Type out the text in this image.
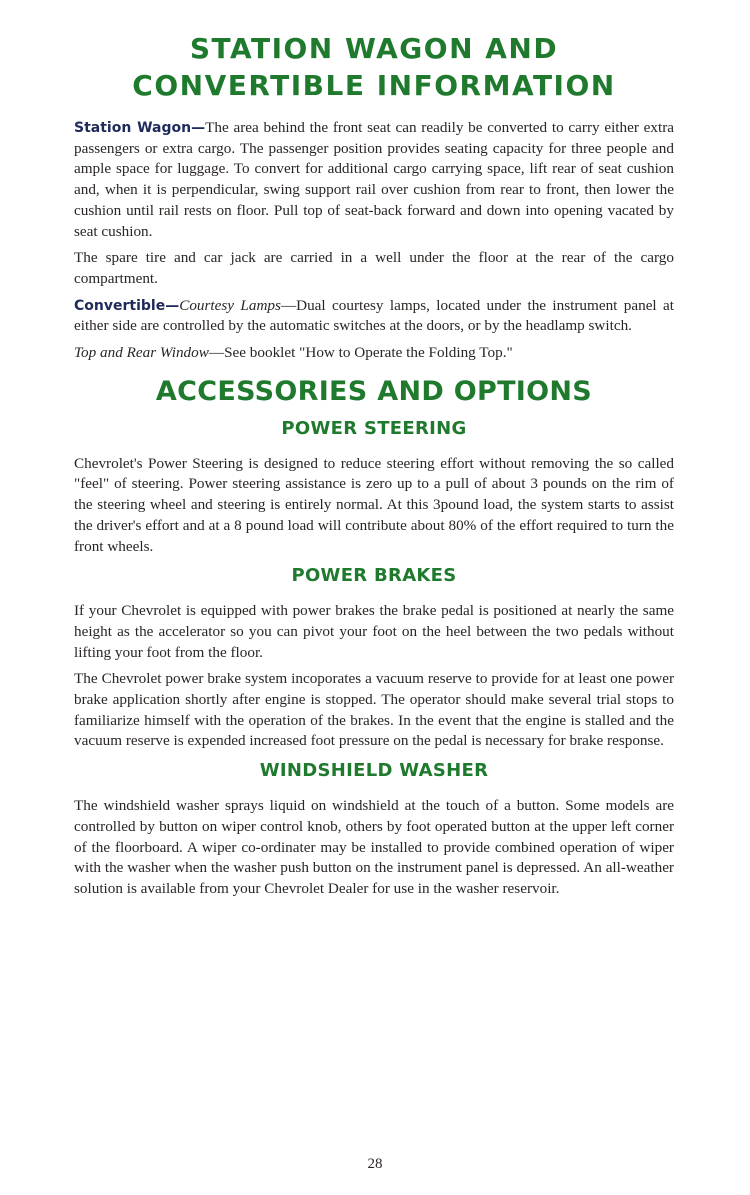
STATION WAGON AND
CONVERTIBLE INFORMATION

Station Wagon—The area behind the front seat can readily be converted to carry either extra passengers or extra cargo. The passenger position provides seating capacity for three people and ample space for luggage. To convert for additional cargo carrying space, lift rear of seat cushion and, when it is perpendicular, swing support rail over cushion from rear to front, then lower the cushion until rail rests on floor. Pull top of seat-back forward and down into opening vacated by seat cushion.

The spare tire and car jack are carried in a well under the floor at the rear of the cargo compartment.

Convertible—Courtesy Lamps—Dual courtesy lamps, located under the instrument panel at either side are controlled by the automatic switches at the doors, or by the headlamp switch.

Top and Rear Window—See booklet "How to Operate the Folding Top."

ACCESSORIES AND OPTIONS
POWER STEERING

Chevrolet's Power Steering is designed to reduce steering effort without removing the so called "feel" of steering. Power steering assistance is zero up to a pull of about 3 pounds on the rim of the steering wheel and steering is entirely normal. At this 3pound load, the system starts to assist the driver's effort and at a 8 pound load will contribute about 80% of the effort required to turn the front wheels.

POWER BRAKES

If your Chevrolet is equipped with power brakes the brake pedal is positioned at nearly the same height as the accelerator so you can pivot your foot on the heel between the two pedals without lifting your foot from the floor.

The Chevrolet power brake system incoporates a vacuum reserve to provide for at least one power brake application shortly after engine is stopped. The operator should make several trial stops to familiarize himself with the operation of the brakes. In the event that the engine is stalled and the vacuum reserve is expended increased foot pressure on the pedal is necessary for brake response.

WINDSHIELD WASHER

The windshield washer sprays liquid on windshield at the touch of a button. Some models are controlled by button on wiper control knob, others by foot operated button at the upper left corner of the floorboard. A wiper co-ordinater may be installed to provide combined operation of wiper with the washer when the washer push button on the instrument panel is depressed. An all-weather solution is available from your Chevrolet Dealer for use in the washer reservoir.

28
